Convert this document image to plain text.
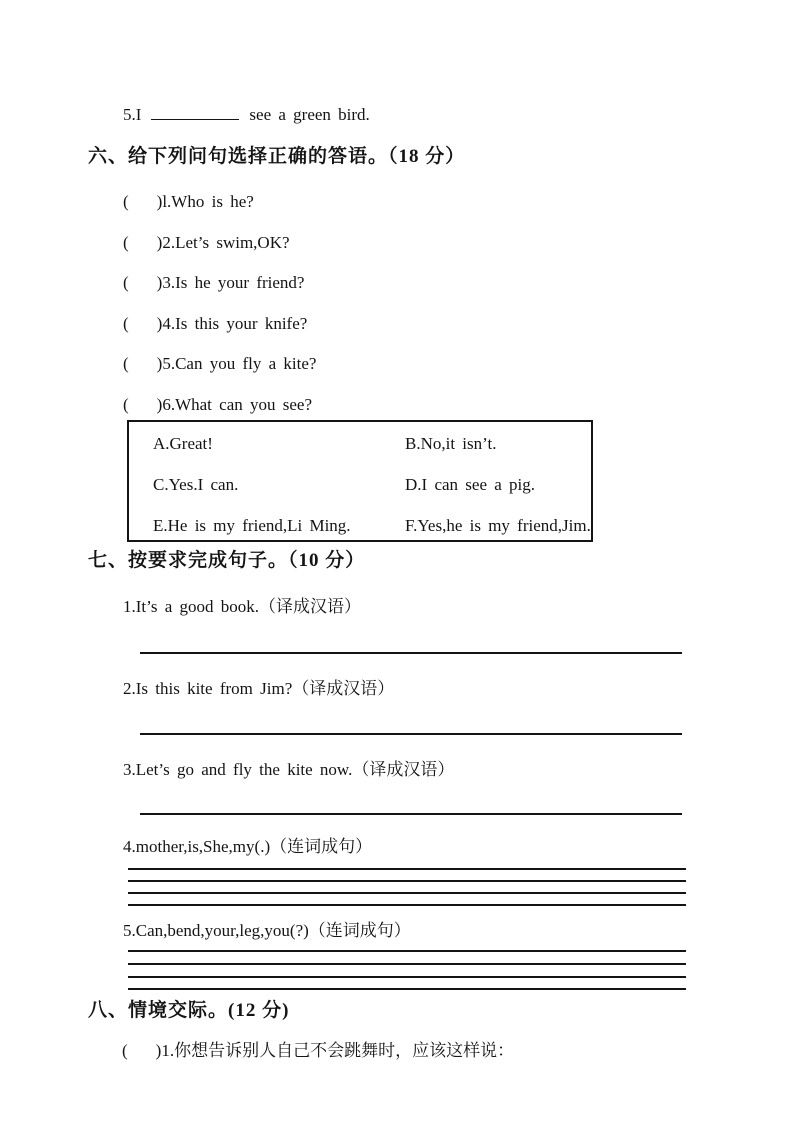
5.I	see a green bird.
六、给下列问句选择正确的答语。（18 分）
( )l.Who is he?
( )2.Let’s swim,OK?
( )3.Is he your friend?
( )4.Is this your knife?
( )5.Can you fly a kite?
( )6.What can you see?
A.Great!	B.No,it isn’t.
C.Yes.I can.	D.I can see a pig.
E.He is my friend,Li Ming.	F.Yes,he is my friend,Jim.
七、按要求完成句子。（10 分）
1.It’s a good book.（译成汉语）
2.Is this kite from Jim?（译成汉语）
3.Let’s go and fly the kite now.（译成汉语）
4.mother,is,She,my(.)（连词成句）
5.Can,bend,your,leg,you(?)（连词成句）
八、情境交际。(12 分)
( )1.你想告诉别人自己不会跳舞时，应该这样说：
